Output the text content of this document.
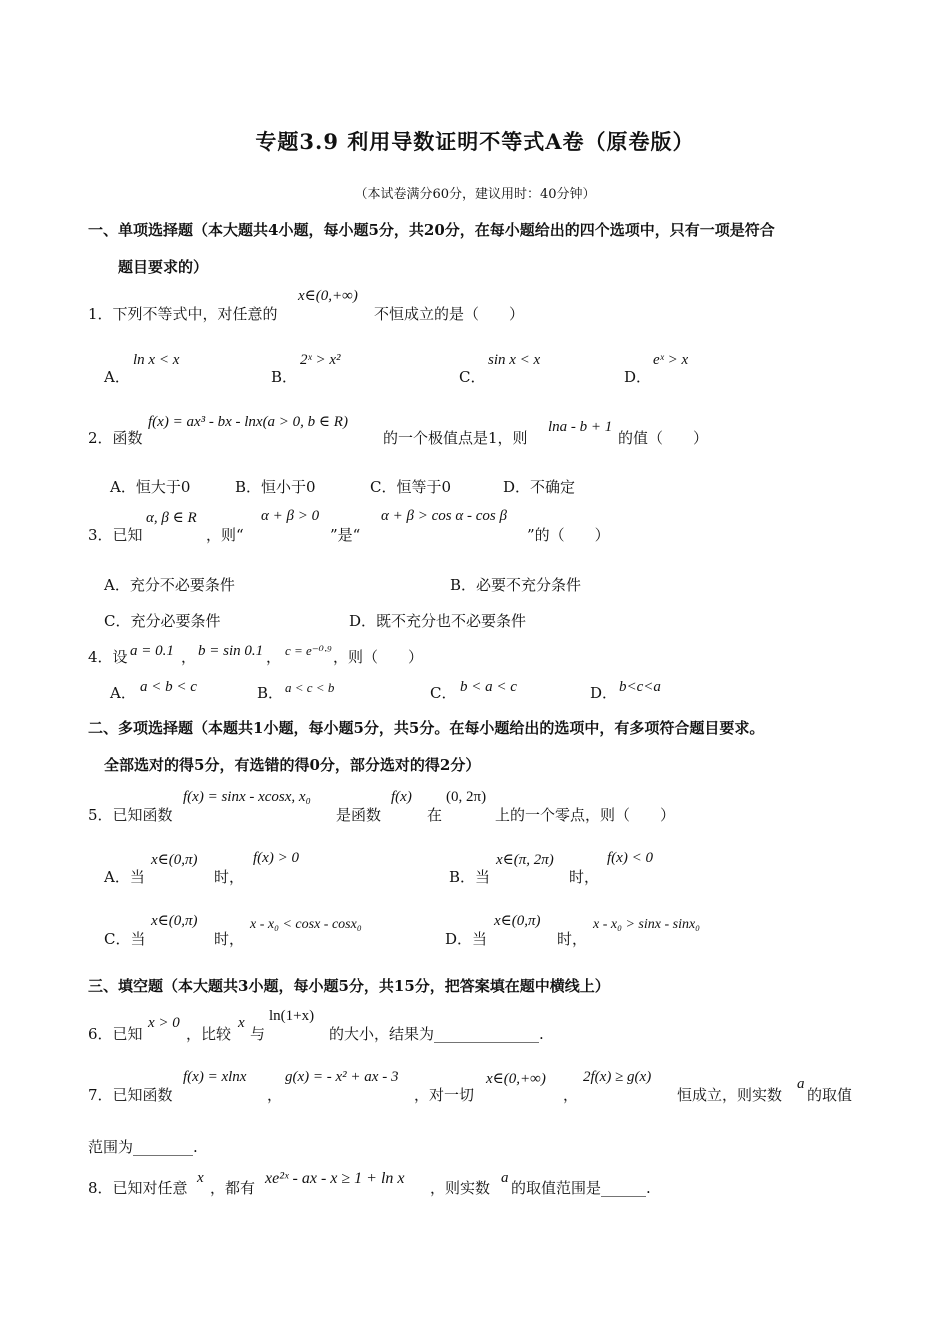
专题3.9 利用导数证明不等式A卷（原卷版）
（本试卷满分60分，建议用时：40分钟）
一、单项选择题（本大题共4小题，每小题5分，共20分，在每小题给出的四个选项中，只有一项是符合
题目要求的）
1．下列不等式中，对任意的
x∈(0,+∞)
不恒成立的是（　　）
A．
ln x < x
B．
2ˣ > x²
C．
sin x < x
D．
eˣ > x
2．函数
f(x) = ax³ - bx - lnx(a > 0, b ∈ R)
的一个极值点是1，则
lna - b + 1
的值（　　）
A．恒大于0	B．恒小于0	C．恒等于0	D．不确定
3．已知
α, β ∈ R
，则“
α + β > 0
”是“
α + β > cos α - cos β
”的（　　）
A．充分不必要条件	B．必要不充分条件
C．充分必要条件	D．既不充分也不必要条件
4．设 a = 0.1 ， b = sin 0.1 ， c = e⁻⁰·⁹ ，则（　　）
A． a < b < c	B． a < c < b	C． b < a < c	D． b<c<a
二、多项选择题（本题共1小题，每小题5分，共5分。在每小题给出的选项中，有多项符合题目要求。
全部选对的得5分，有选错的得0分，部分选对的得2分）
5．已知函数
f(x) = sinx - xcosx, x₀
是函数
f(x)
在
(0, 2π)
上的一个零点，则（　　）
A．当
x∈(0,π)
时，
f(x) > 0
B．当
x∈(π, 2π)
时，
f(x) < 0
C．当
x∈(0,π)
时，
x - x₀ < cosx - cosx₀
D．当
x∈(0,π)
时，
x - x₀ > sinx - sinx₀
三、填空题（本大题共3小题，每小题5分，共15分，把答案填在题中横线上）
6．已知
x > 0
，比较
x
与
ln(1+x)
的大小，结果为______________.
7．已知函数
f(x) = xlnx
，
g(x) = - x² + ax - 3
，对一切
x∈(0,+∞)
，
2f(x) ≥ g(x)
恒成立，则实数
a
的取值
范围为________.
8．已知对任意
x
，都有
xe²ˣ - ax - x ≥ 1 + ln x
，则实数
a
的取值范围是______.
